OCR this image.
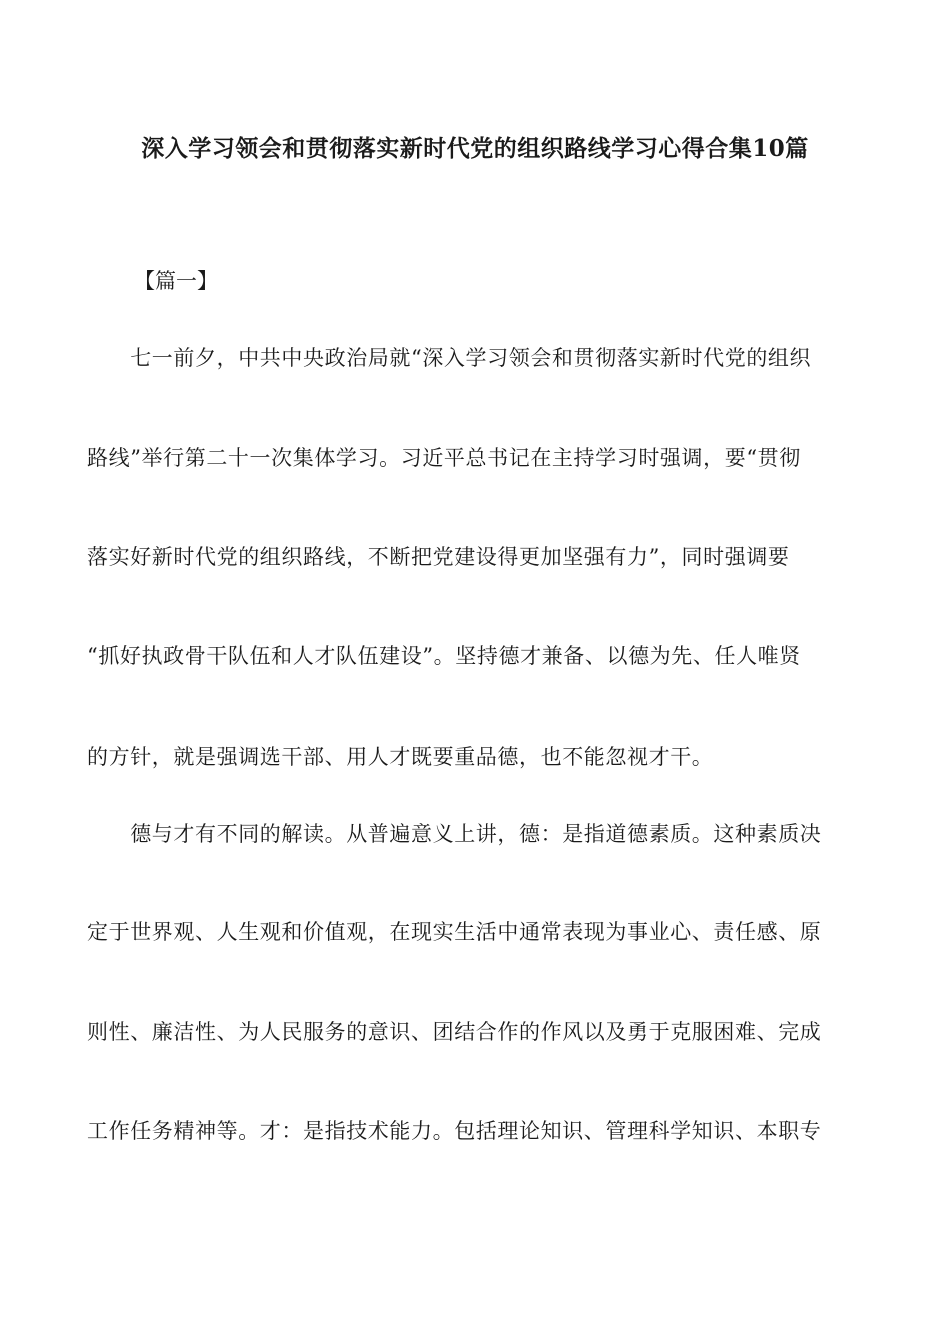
深入学习领会和贯彻落实新时代党的组织路线学习心得合集10篇
【篇一】
　　七一前夕，中共中央政治局就“深入学习领会和贯彻落实新时代党的组织
路线”举行第二十一次集体学习。习近平总书记在主持学习时强调，要“贯彻
落实好新时代党的组织路线，不断把党建设得更加坚强有力”，同时强调要
“抓好执政骨干队伍和人才队伍建设”。坚持德才兼备、以德为先、任人唯贤
的方针，就是强调选干部、用人才既要重品德，也不能忽视才干。
　　德与才有不同的解读。从普遍意义上讲，德：是指道德素质。这种素质决
定于世界观、人生观和价值观，在现实生活中通常表现为事业心、责任感、原
则性、廉洁性、为人民服务的意识、团结合作的作风以及勇于克服困难、完成
工作任务精神等。才：是指技术能力。包括理论知识、管理科学知识、本职专
